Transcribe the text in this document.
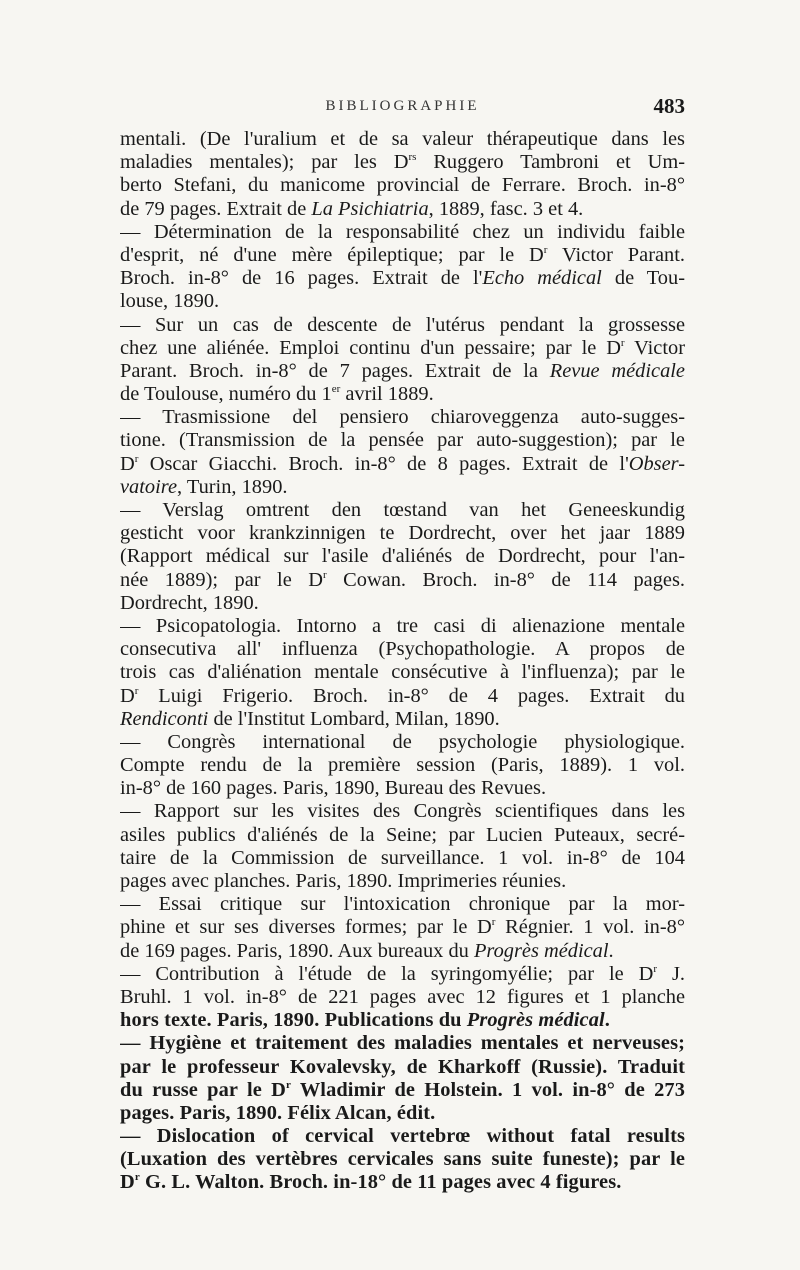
BIBLIOGRAPHIE	483
mentali. (De l'uralium et de sa valeur thérapeutique dans les
maladies mentales); par les $D^{rs}$ Ruggero Tambroni et Um-
berto Stefani, du manicome provincial de Ferrare. Broch. in-8°
de 79 pages. Extrait de La Psichiatria, 1889, fasc. 3 et 4.
— Détermination de la responsabilité chez un individu faible
d'esprit, né d'une mère épileptique; par le $D^r$ Victor Parant.
Broch. in-8° de 16 pages. Extrait de l'Echo médical de Tou-
louse, 1890.
— Sur un cas de descente de l'utérus pendant la grossesse
chez une aliénée. Emploi continu d'un pessaire; par le $D^r$ Victor
Parant. Broch. in-8° de 7 pages. Extrait de la Revue médicale
de Toulouse, numéro du 1er avril 1889.
— Trasmissione del pensiero chiaroveggenza auto-sugges-
tione. (Transmission de la pensée par auto-suggestion); par le
$D^r$ Oscar Giacchi. Broch. in-8° de 8 pages. Extrait de l'Obser-
vatoire, Turin, 1890.
— Verslag omtrent den tœstand van het Geneeskundig
gesticht voor krankzinnigen te Dordrecht, over het jaar 1889
(Rapport médical sur l'asile d'aliénés de Dordrecht, pour l'an-
née 1889); par le $D^r$ Cowan. Broch. in-8° de 114 pages.
Dordrecht, 1890.
— Psicopatologia. Intorno a tre casi di alienazione mentale
consecutiva all' influenza (Psychopathologie. A propos de
trois cas d'aliénation mentale consécutive à l'influenza); par le
$D^r$ Luigi Frigerio. Broch. in-8° de 4 pages. Extrait du
Rendiconti de l'Institut Lombard, Milan, 1890.
— Congrès international de psychologie physiologique.
Compte rendu de la première session (Paris, 1889). 1 vol.
in-8° de 160 pages. Paris, 1890, Bureau des Revues.
— Rapport sur les visites des Congrès scientifiques dans les
asiles publics d'aliénés de la Seine; par Lucien Puteaux, secré-
taire de la Commission de surveillance. 1 vol. in-8° de 104
pages avec planches. Paris, 1890. Imprimeries réunies.
— Essai critique sur l'intoxication chronique par la mor-
phine et sur ses diverses formes; par le $D^r$ Régnier. 1 vol. in-8°
de 169 pages. Paris, 1890. Aux bureaux du Progrès médical.
— Contribution à l'étude de la syringomyélie; par le $D^r$ J.
Bruhl. 1 vol. in-8° de 221 pages avec 12 figures et 1 planche
hors texte. Paris, 1890. Publications du Progrès médical.
— Hygiène et traitement des maladies mentales et nerveuses;
par le professeur Kovalevsky, de Kharkoff (Russie). Traduit
du russe par le $D^r$ Wladimir de Holstein. 1 vol. in-8° de 273
pages. Paris, 1890. Félix Alcan, édit.
— Dislocation of cervical vertebrœ without fatal results
(Luxation des vertèbres cervicales sans suite funeste); par le
$D^r$ G. L. Walton. Broch. in-18° de 11 pages avec 4 figures.
